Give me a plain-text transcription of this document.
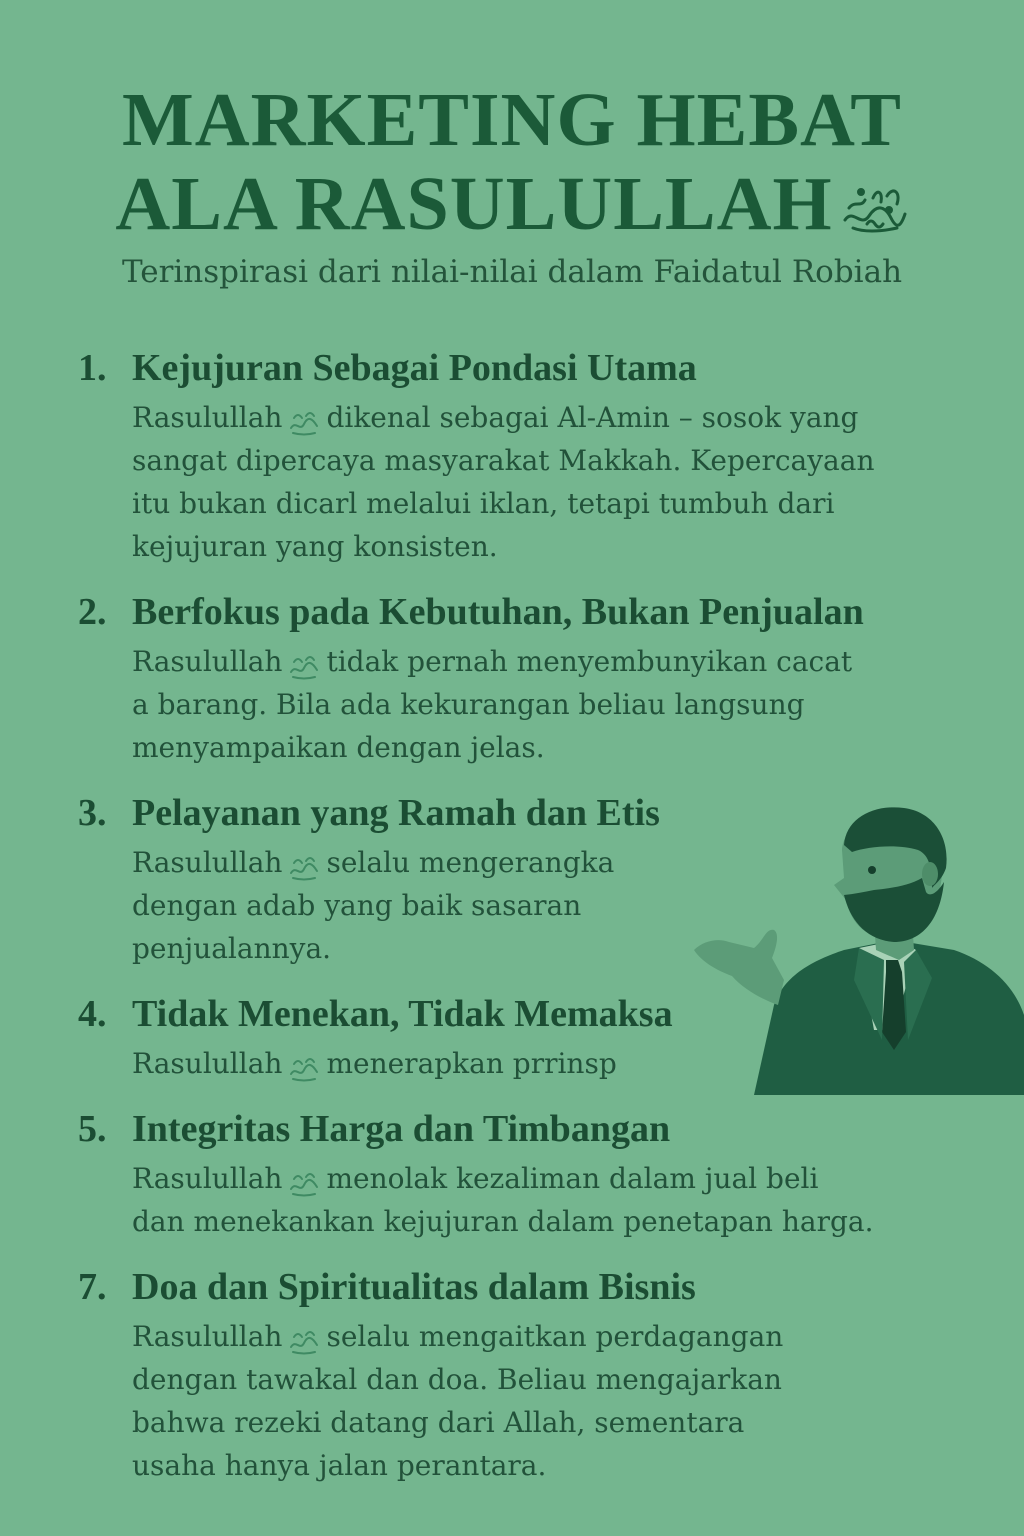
MARKETING HEBAT
ALA RASULULLAH

Terinspirasi dari nilai-nilai dalam Faidatul Robiah

1. Kejujuran Sebagai Pondasi Utama

Rasulullah dikenal sebagai Al-Amin – sosok yang
sangat dipercaya masyarakat Makkah. Kepercayaan
itu bukan dicarl melalui iklan, tetapi tumbuh dari
kejujuran yang konsisten.

2. Berfokus pada Kebutuhan, Bukan Penjualan

Rasulullah tidak pernah menyembunyikan cacat
a barang. Bila ada kekurangan beliau langsung
menyampaikan dengan jelas.

3. Pelayanan yang Ramah dan Etis

Rasulullah selalu mengerangka
dengan adab yang baik sasaran
penjualannya.

4. Tidak Menekan, Tidak Memaksa

Rasulullah menerapkan prrinsp

5. Integritas Harga dan Timbangan

Rasulullah menolak kezaliman dalam jual beli
dan menekankan kejujuran dalam penetapan harga.

7. Doa dan Spiritualitas dalam Bisnis

Rasulullah selalu mengaitkan perdagangan
dengan tawakal dan doa. Beliau mengajarkan
bahwa rezeki datang dari Allah, sementara
usaha hanya jalan perantara.
